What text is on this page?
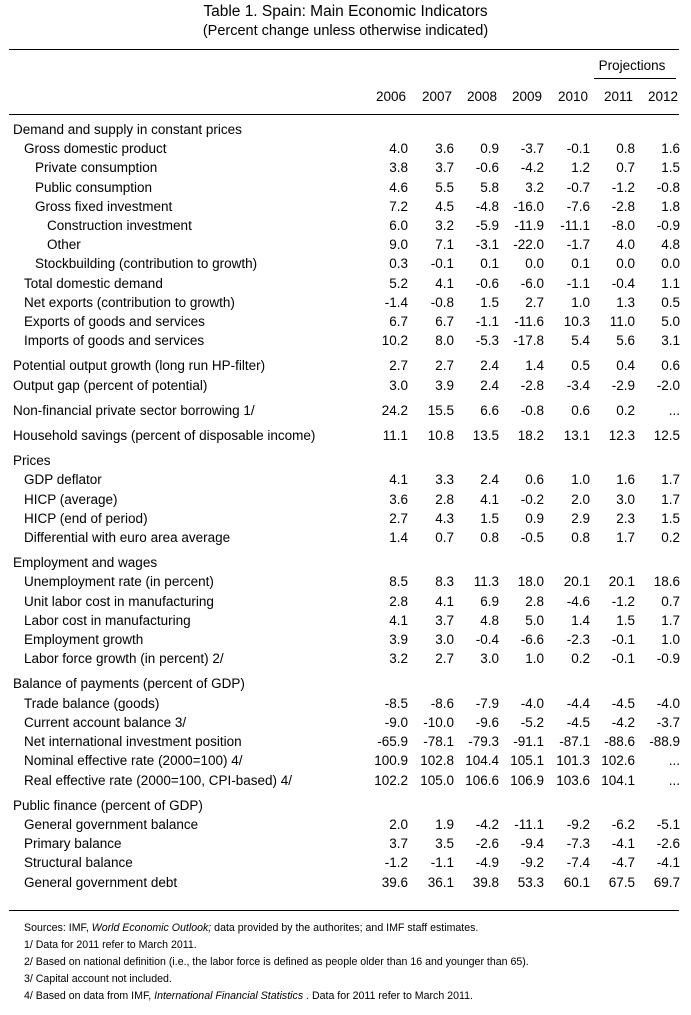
Table 1. Spain: Main Economic Indicators
(Percent change unless otherwise indicated)
Projections
2006	2007	2008	2009	2010	2011	2012
Demand and supply in constant prices								
Gross domestic product	4.0	3.6	0.9	-3.7	-0.1	0.8	1.6	
Private consumption	3.8	3.7	-0.6	-4.2	1.2	0.7	1.5	
Public consumption	4.6	5.5	5.8	3.2	-0.7	-1.2	-0.8	
Gross fixed investment	7.2	4.5	-4.8	-16.0	-7.6	-2.8	1.8	
Construction investment	6.0	3.2	-5.9	-11.9	-11.1	-8.0	-0.9	
Other	9.0	7.1	-3.1	-22.0	-1.7	4.0	4.8	
Stockbuilding (contribution to growth)	0.3	-0.1	0.1	0.0	0.1	0.0	0.0	
Total domestic demand	5.2	4.1	-0.6	-6.0	-1.1	-0.4	1.1	
Net exports (contribution to growth)	-1.4	-0.8	1.5	2.7	1.0	1.3	0.5	
Exports of goods and services	6.7	6.7	-1.1	-11.6	10.3	11.0	5.0	
Imports of goods and services	10.2	8.0	-5.3	-17.8	5.4	5.6	3.1	

Potential output growth (long run HP-filter)	2.7	2.7	2.4	1.4	0.5	0.4	0.6	
Output gap (percent of potential)	3.0	3.9	2.4	-2.8	-3.4	-2.9	-2.0	

Non-financial private sector borrowing 1/	24.2	15.5	6.6	-0.8	0.6	0.2	...	

Household savings (percent of disposable income)	11.1	10.8	13.5	18.2	13.1	12.3	12.5	

Prices								
GDP deflator	4.1	3.3	2.4	0.6	1.0	1.6	1.7	
HICP (average)	3.6	2.8	4.1	-0.2	2.0	3.0	1.7	
HICP (end of period)	2.7	4.3	1.5	0.9	2.9	2.3	1.5	
Differential with euro area average	1.4	0.7	0.8	-0.5	0.8	1.7	0.2	

Employment and wages								
Unemployment rate (in percent)	8.5	8.3	11.3	18.0	20.1	20.1	18.6	
Unit labor cost in manufacturing	2.8	4.1	6.9	2.8	-4.6	-1.2	0.7	
Labor cost in manufacturing	4.1	3.7	4.8	5.0	1.4	1.5	1.7	
Employment growth	3.9	3.0	-0.4	-6.6	-2.3	-0.1	1.0	
Labor force growth (in percent) 2/	3.2	2.7	3.0	1.0	0.2	-0.1	-0.9	

Balance of payments (percent of GDP)								
Trade balance (goods)	-8.5	-8.6	-7.9	-4.0	-4.4	-4.5	-4.0	
Current account balance 3/	-9.0	-10.0	-9.6	-5.2	-4.5	-4.2	-3.7	
Net international investment position	-65.9	-78.1	-79.3	-91.1	-87.1	-88.6	-88.9	
Nominal effective rate (2000=100) 4/	100.9	102.8	104.4	105.1	101.3	102.6	...	
Real effective rate (2000=100, CPI-based) 4/	102.2	105.0	106.6	106.9	103.6	104.1	...	

Public finance (percent of GDP)								
General government balance	2.0	1.9	-4.2	-11.1	-9.2	-6.2	-5.1	
Primary balance	3.7	3.5	-2.6	-9.4	-7.3	-4.1	-2.6	
Structural balance	-1.2	-1.1	-4.9	-9.2	-7.4	-4.7	-4.1	
General government debt	39.6	36.1	39.8	53.3	60.1	67.5	69.7	
Sources: IMF, World Economic Outlook; data provided by the authorites; and IMF staff estimates.
1/ Data for 2011 refer to March 2011.
2/ Based on national definition (i.e., the labor force is defined as people older than 16 and younger than 65).
3/ Capital account not included.
4/ Based on data from IMF, International Financial Statistics . Data for 2011 refer to March 2011.
